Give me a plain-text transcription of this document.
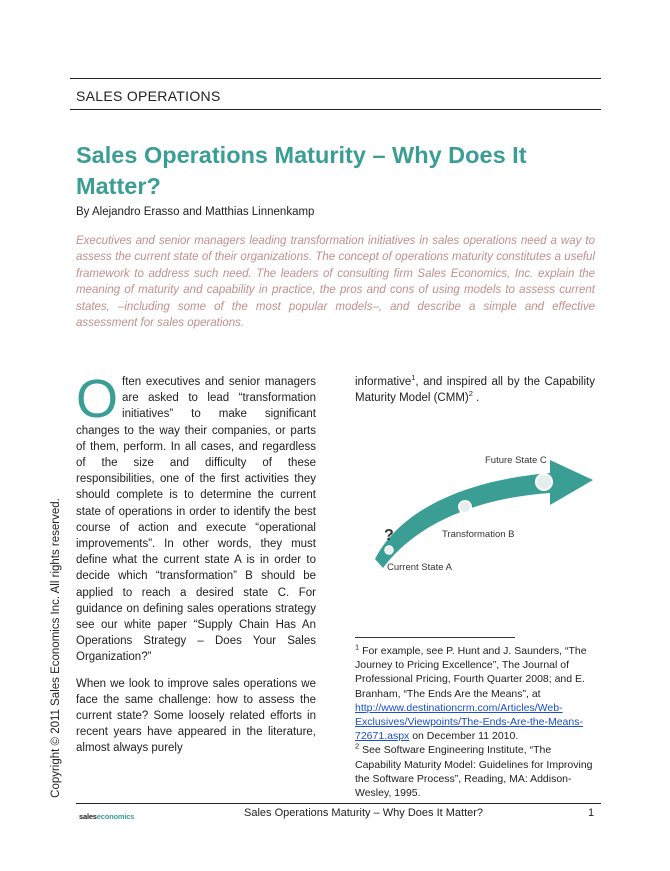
SALES OPERATIONS
Sales Operations Maturity – Why Does It Matter?
By Alejandro Erasso and Matthias Linnenkamp
Executives and senior managers leading transformation initiatives in sales operations need a way to assess the current state of their organizations. The concept of operations maturity constitutes a useful framework to address such need. The leaders of consulting firm Sales Economics, Inc. explain the meaning of maturity and capability in practice, the pros and cons of using models to assess current states, –including some of the most popular models–, and describe a simple and effective assessment for sales operations.

Often executives and senior managers are asked to lead “transformation initiatives” to make significant changes to the way their companies, or parts of them, perform. In all cases, and regardless of the size and difficulty of these responsibilities, one of the first activities they should complete is to determine the current state of operations in order to identify the best course of action and execute “operational improvements”. In other words, they must define what the current state A is in order to decide which “transformation” B should be applied to reach a desired state C. For guidance on defining sales operations strategy see our white paper “Supply Chain Has An Operations Strategy – Does Your Sales Organization?”

When we look to improve sales operations we face the same challenge: how to assess the current state? Some loosely related efforts in recent years have appeared in the literature, almost always purely

informative$^1$, and inspired all by the Capability Maturity Model (CMM)$^2$ .

?
Current State A
Transformation B
Future State C
Copyright © 2011 Sales Economics Inc. All rights reserved.	$^1$ For example, see P. Hunt and J. Saunders, “The Journey to Pricing Excellence”, The Journal of Professional Pricing, Fourth Quarter 2008; and E. Branham, “The Ends Are the Means”, at http://www.destinationcrm.com/Articles/Web-Exclusives/Viewpoints/The-Ends-Are-the-Means-72671.aspx on December 11 2010.

$^2$ See Software Engineering Institute, “The Capability Maturity Model: Guidelines for Improving the Software Process”, Reading, MA: Addison-Wesley, 1995.

saleseconomics	Sales Operations Maturity – Why Does It Matter?	1
